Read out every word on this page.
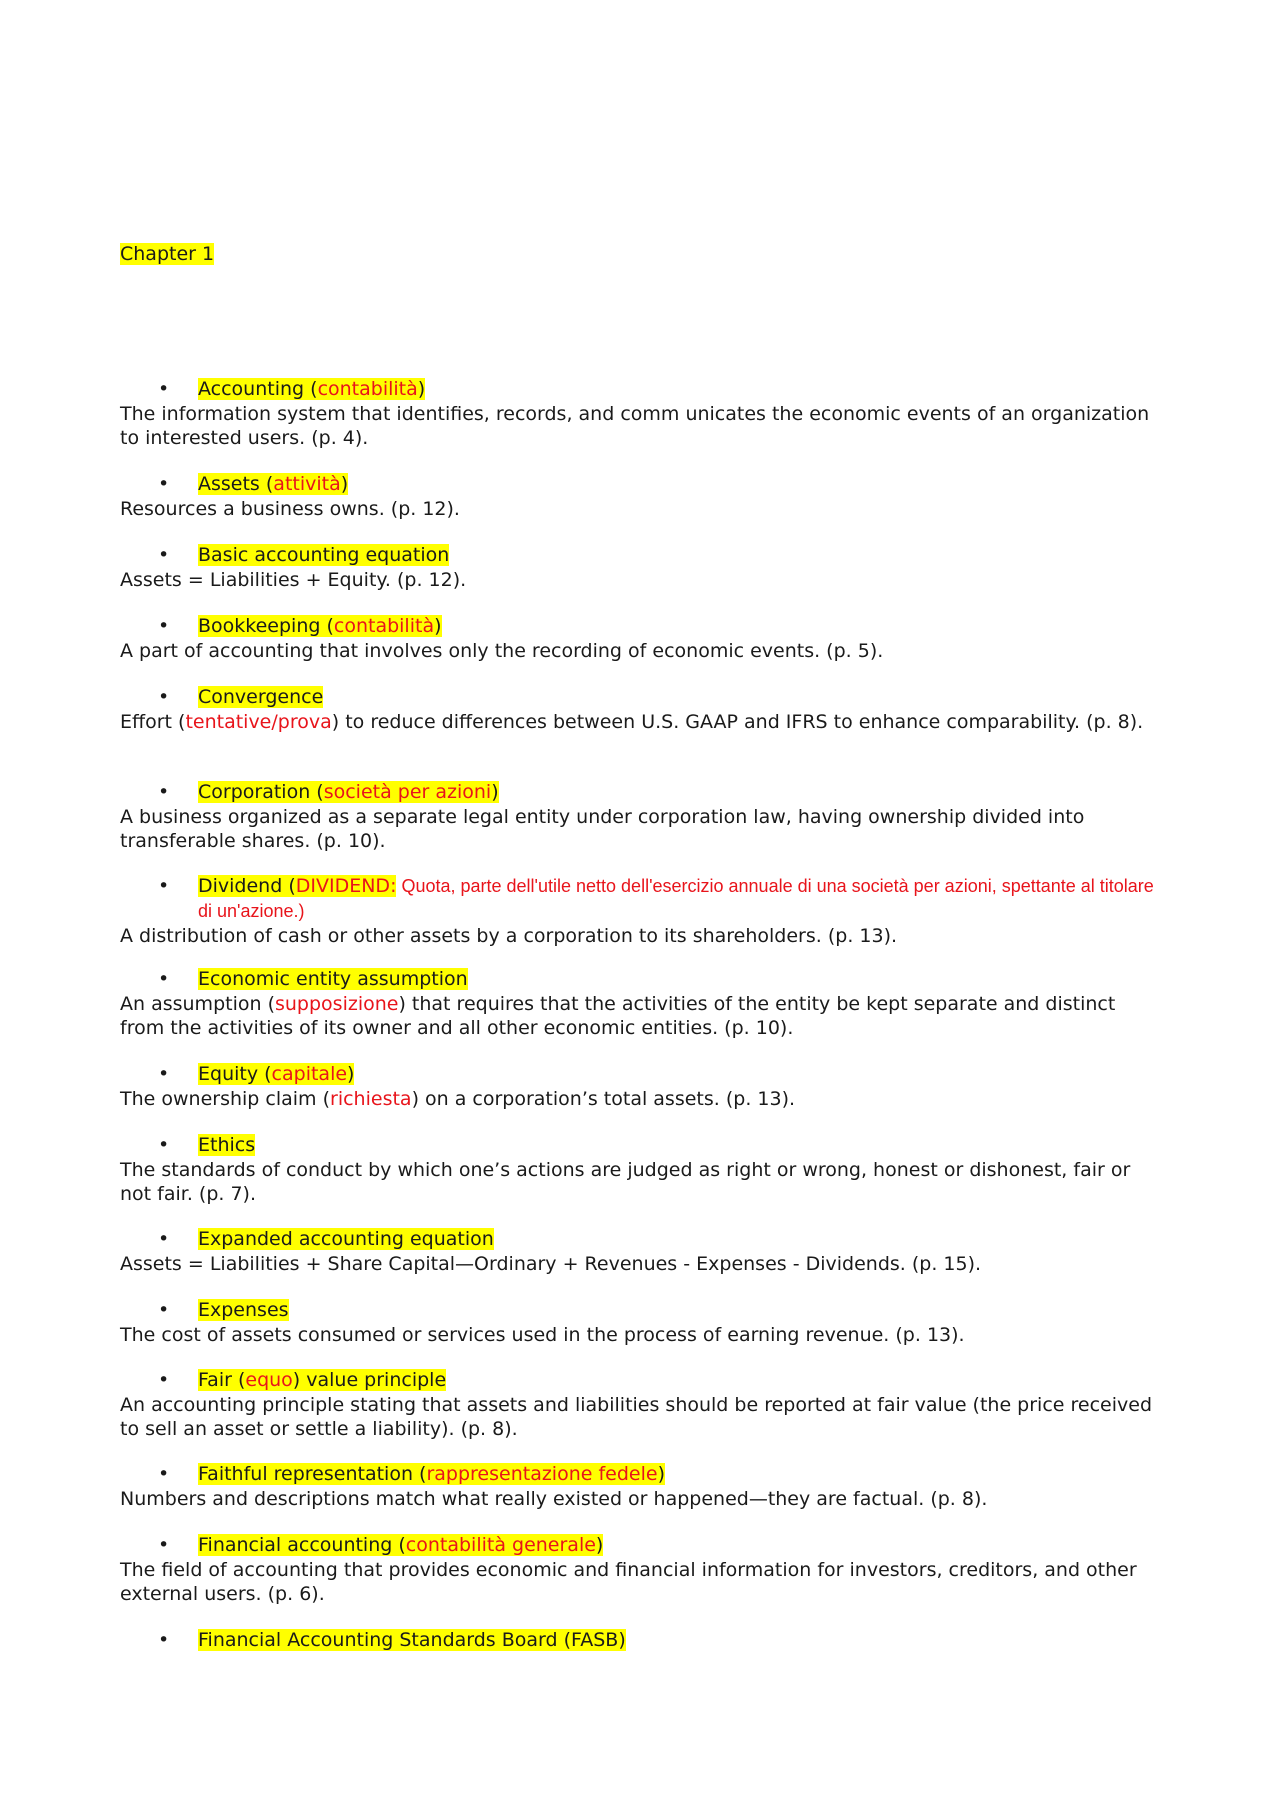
Chapter 1
• Accounting (contabilità)
The information system that identifies, records, and comm unicates the economic events of an organization to interested users. (p. 4).
• Assets (attività)
Resources a business owns. (p. 12).
• Basic accounting equation
Assets = Liabilities + Equity. (p. 12).
• Bookkeeping (contabilità)
A part of accounting that involves only the recording of economic events. (p. 5).
• Convergence
Effort (tentative/prova) to reduce differences between U.S. GAAP and IFRS to enhance comparability. (p. 8).
• Corporation (società per azioni)
A business organized as a separate legal entity under corporation law, having ownership divided into transferable shares. (p. 10).
• Dividend (DIVIDEND: Quota, parte dell'utile netto dell'esercizio annuale di una società per azioni, spettante al titolare di un'azione.)
A distribution of cash or other assets by a corporation to its shareholders. (p. 13).
• Economic entity assumption
An assumption (supposizione) that requires that the activities of the entity be kept separate and distinct from the activities of its owner and all other economic entities. (p. 10).
• Equity (capitale)
The ownership claim (richiesta) on a corporation’s total assets. (p. 13).
• Ethics
The standards of conduct by which one’s actions are judged as right or wrong, honest or dishonest, fair or not fair. (p. 7).
• Expanded accounting equation
Assets = Liabilities + Share Capital—Ordinary + Revenues - Expenses - Dividends. (p. 15).
• Expenses
The cost of assets consumed or services used in the process of earning revenue. (p. 13).
• Fair (equo) value principle
An accounting principle stating that assets and liabilities should be reported at fair value (the price received to sell an asset or settle a liability). (p. 8).
• Faithful representation (rappresentazione fedele)
Numbers and descriptions match what really existed or happened—they are factual. (p. 8).
• Financial accounting (contabilità generale)
The field of accounting that provides economic and financial information for investors, creditors, and other external users. (p. 6).
• Financial Accounting Standards Board (FASB)
